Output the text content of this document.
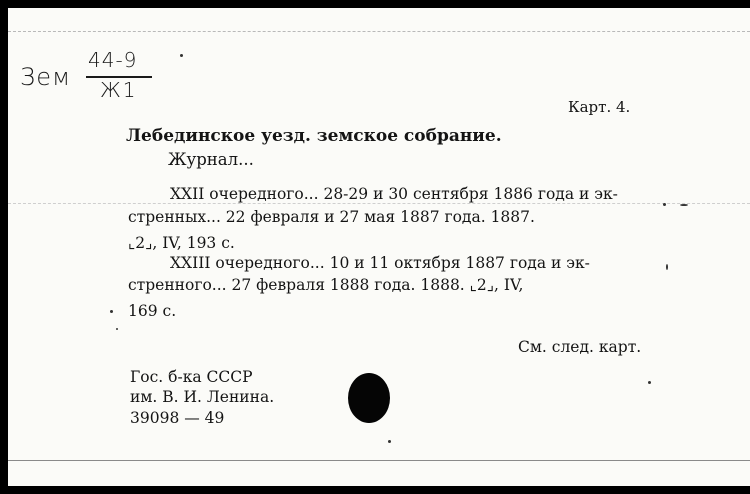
Зем
44-9
Ж1
Карт. 4.
Лебединское уезд. земское собрание.
Журнал...
XXII очередного... 28-29 и 30 сентября 1886 года и эк-
стренных... 22 февраля и 27 мая 1887 года. 1887.
⌞2⌟, IV, 193 с.
XXIII очередного... 10 и 11 октября 1887 года и эк-
стренного... 27 февраля 1888 года. 1888. ⌞2⌟, IV,
169 с.
См. след. карт.
Гос. б-ка СССР
им. В. И. Ленина.
39098 — 49
